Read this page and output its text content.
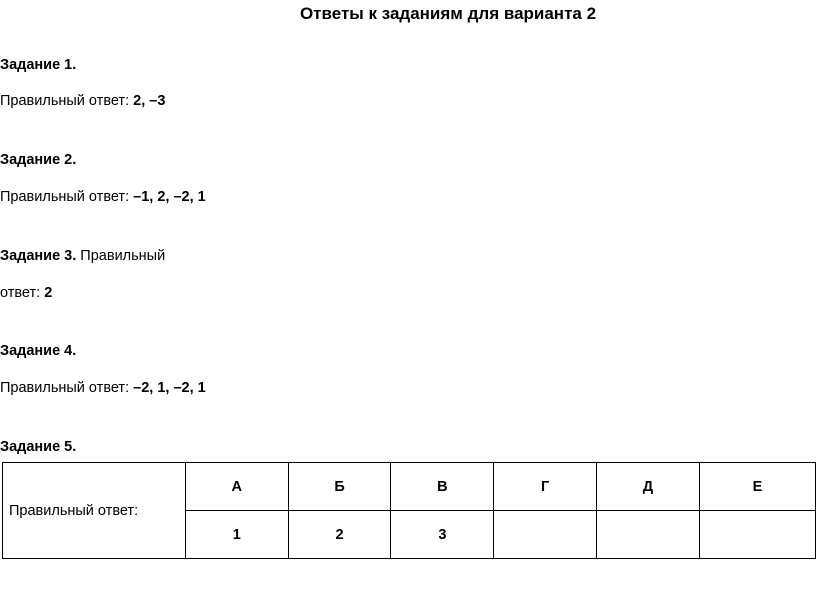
Ответы к заданиям для варианта 2
Задание 1.
Правильный ответ: 2, –3
Задание 2.
Правильный ответ: –1, 2, –2, 1
Задание 3. Правильный
ответ: 2
Задание 4.
Правильный ответ: –2, 1, –2, 1
Задание 5.
Правильный ответ:	А	Б	В	Г	Д	Е
	1	2	3			
